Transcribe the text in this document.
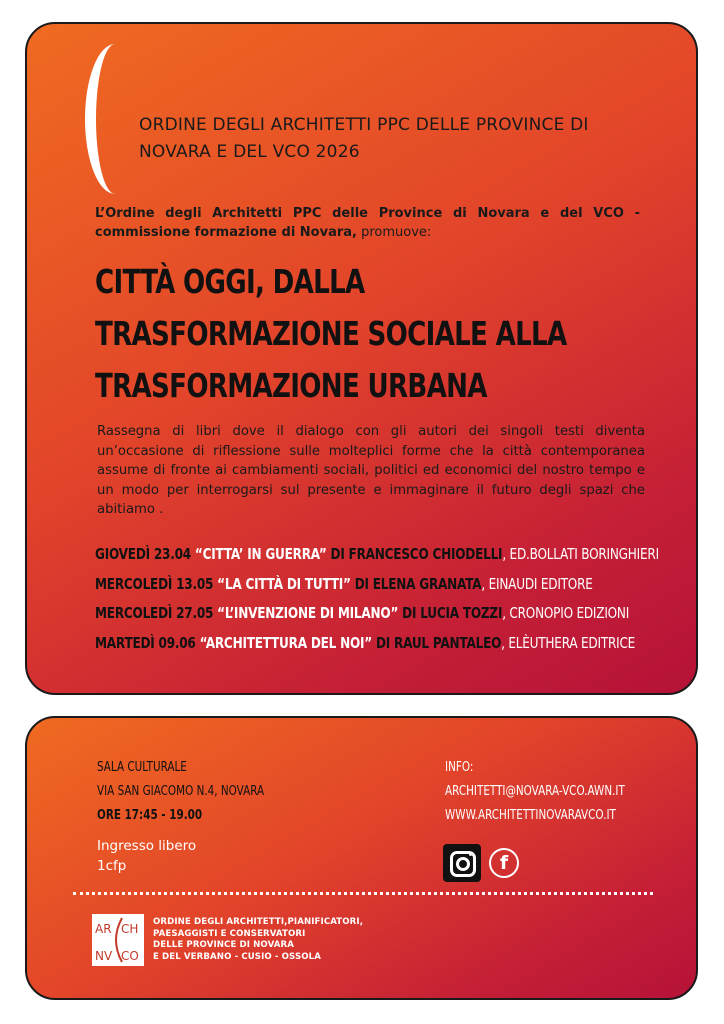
ORDINE DEGLI ARCHITETTI PPC DELLE PROVINCE DI NOVARA E DEL VCO 2026

L’Ordine degli Architetti PPC delle Province di Novara e del VCO - commissione formazione di Novara, promuove:

CITTÀ OGGI, DALLA TRASFORMAZIONE SOCIALE ALLA TRASFORMAZIONE URBANA

Rassegna di libri dove il dialogo con gli autori dei singoli testi diventa un’occasione di riflessione sulle molteplici forme che la città contemporanea assume di fronte ai cambiamenti sociali, politici ed economici del nostro tempo e un modo per interrogarsi sul presente e immaginare il futuro degli spazi che abitiamo .

GIOVEDÌ 23.04 “CITTA’ IN GUERRA” DI FRANCESCO CHIODELLI, ED.BOLLATI BORINGHIERI
MERCOLEDÌ 13.05 “LA CITTÀ DI TUTTI” DI ELENA GRANATA, EINAUDI EDITORE
MERCOLEDÌ 27.05 “L’INVENZIONE DI MILANO” DI LUCIA TOZZI, CRONOPIO EDIZIONI
MARTEDÌ 09.06 “ARCHITETTURA DEL NOI” DI RAUL PANTALEO, ELÈUTHERA EDITRICE
SALA CULTURALE
VIA SAN GIACOMO N.4, NOVARA
ORE 17:45 - 19.00
Ingresso libero
1cfp
INFO:
ARCHITETTI@NOVARA-VCO.AWN.IT
WWW.ARCHITETTINOVARAVCO.IT
f
AR CH
NV CO
ORDINE DEGLI ARCHITETTI,PIANIFICATORI,
PAESAGGISTI E CONSERVATORI
DELLE PROVINCE DI NOVARA
E DEL VERBANO - CUSIO - OSSOLA
